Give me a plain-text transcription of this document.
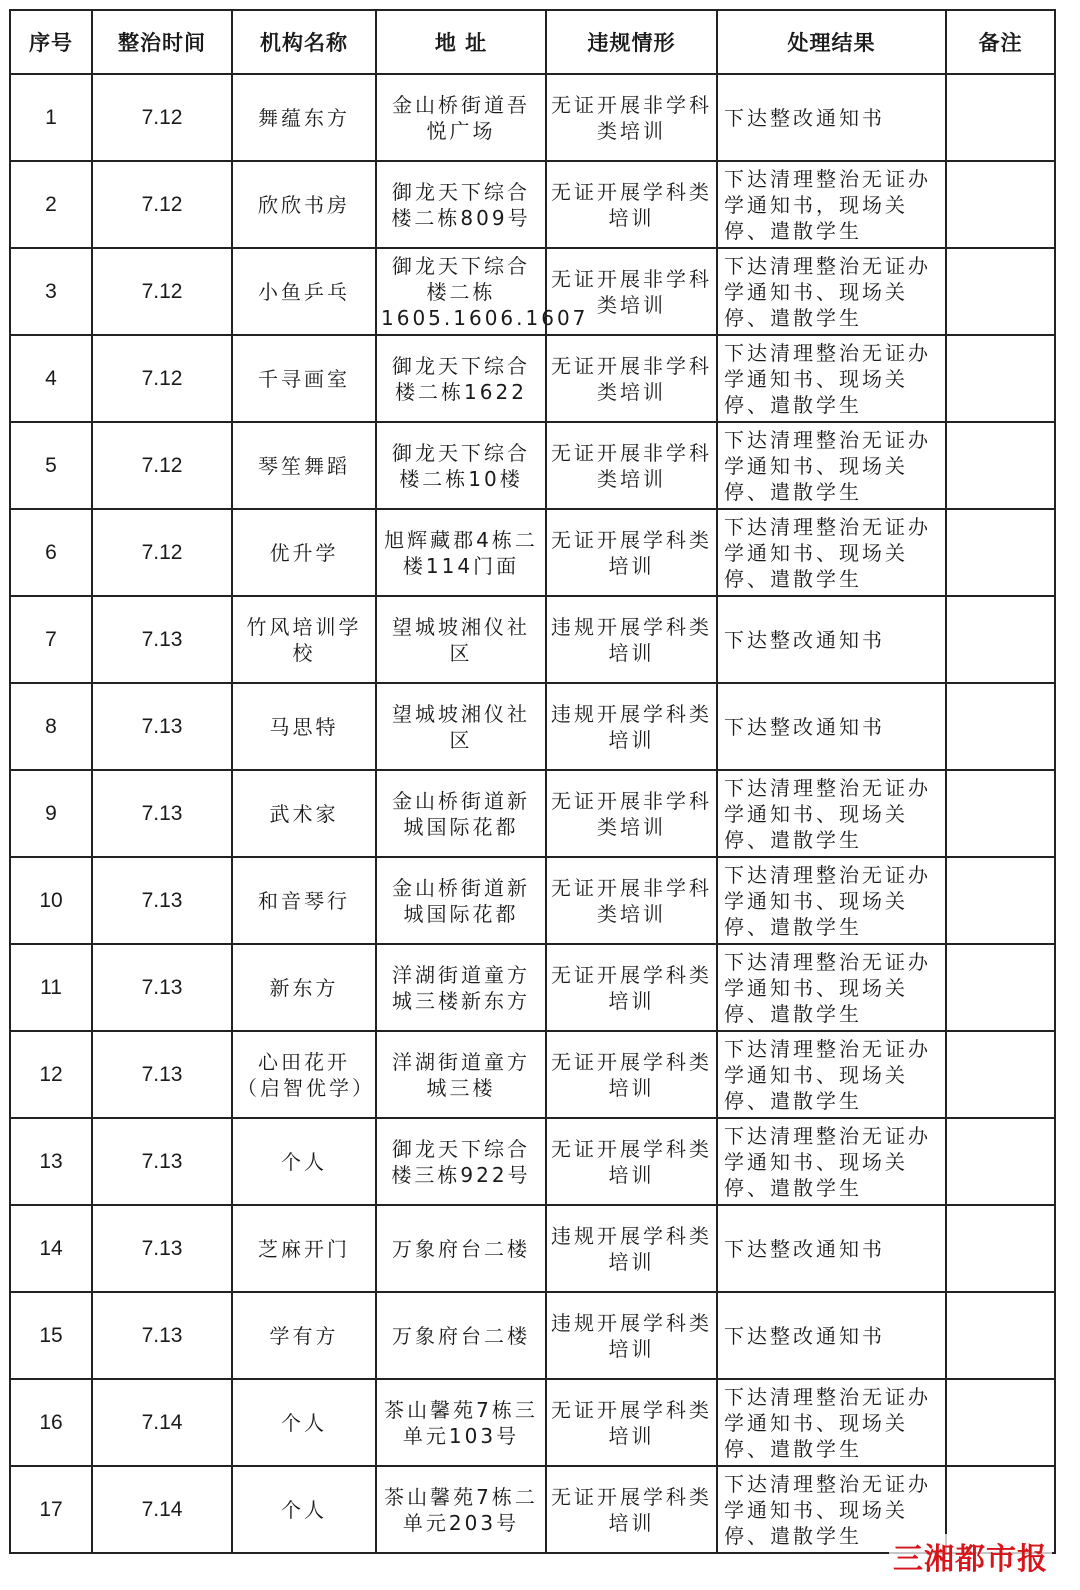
序号	整治时间	机构名称	地 址	违规情形	处理结果	备注
1	7.12	舞蕴东方	金山桥街道吾悦广场	无证开展非学科类培训	下达整改通知书	
2	7.12	欣欣书房	御龙天下综合楼二栋809号	无证开展学科类培训	下达清理整治无证办学通知书，现场关停、遣散学生	
3	7.12	小鱼乒乓	御龙天下综合楼二栋1605.1606.1607	无证开展非学科类培训	下达清理整治无证办学通知书、现场关停、遣散学生	
4	7.12	千寻画室	御龙天下综合楼二栋1622	无证开展非学科类培训	下达清理整治无证办学通知书、现场关停、遣散学生	
5	7.12	琴笙舞蹈	御龙天下综合楼二栋10楼	无证开展非学科类培训	下达清理整治无证办学通知书、现场关停、遣散学生	
6	7.12	优升学	旭辉藏郡4栋二楼114门面	无证开展学科类培训	下达清理整治无证办学通知书、现场关停、遣散学生	
7	7.13	竹风培训学校	望城坡湘仪社区	违规开展学科类培训	下达整改通知书	
8	7.13	马思特	望城坡湘仪社区	违规开展学科类培训	下达整改通知书	
9	7.13	武术家	金山桥街道新城国际花都	无证开展非学科类培训	下达清理整治无证办学通知书、现场关停、遣散学生	
10	7.13	和音琴行	金山桥街道新城国际花都	无证开展非学科类培训	下达清理整治无证办学通知书、现场关停、遣散学生	
11	7.13	新东方	洋湖街道童方城三楼新东方	无证开展学科类培训	下达清理整治无证办学通知书、现场关停、遣散学生	
12	7.13	心田花开（启智优学）	洋湖街道童方城三楼	无证开展学科类培训	下达清理整治无证办学通知书、现场关停、遣散学生	
13	7.13	个人	御龙天下综合楼三栋922号	无证开展学科类培训	下达清理整治无证办学通知书、现场关停、遣散学生	
14	7.13	芝麻开门	万象府台二楼	违规开展学科类培训	下达整改通知书	
15	7.13	学有方	万象府台二楼	违规开展学科类培训	下达整改通知书	
16	7.14	个人	茶山馨苑7栋三单元103号	无证开展学科类培训	下达清理整治无证办学通知书、现场关停、遣散学生	
17	7.14	个人	茶山馨苑7栋二单元203号	无证开展学科类培训	下达清理整治无证办学通知书、现场关停、遣散学生	
三湘都市报
